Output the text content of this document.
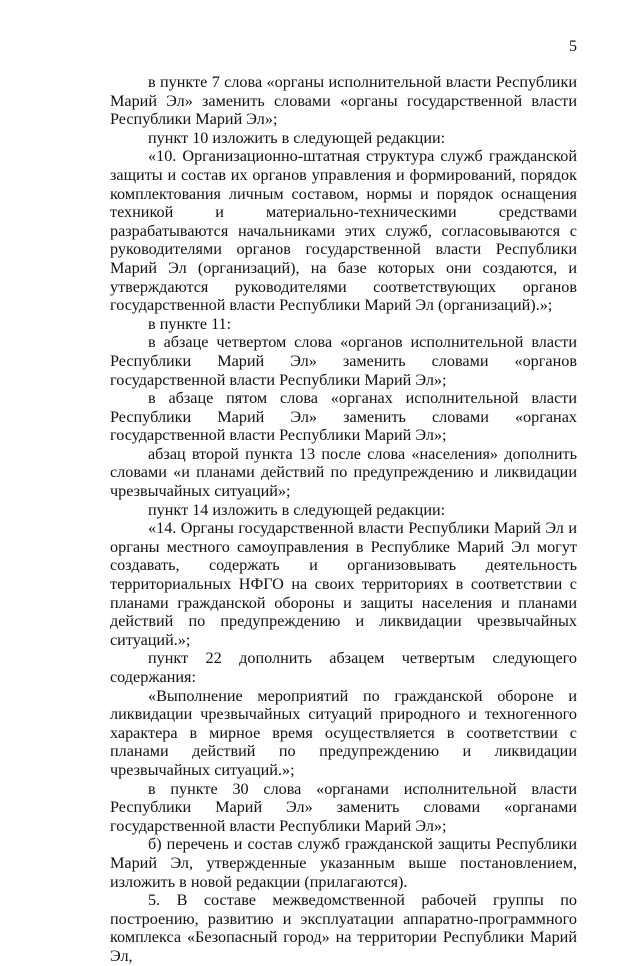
5

в пункте 7 слова «органы исполнительной власти Республики Марий Эл» заменить словами «органы государственной власти Республики Марий Эл»;

пункт 10 изложить в следующей редакции:

«10. Организационно-штатная структура служб гражданской защиты и состав их органов управления и формирований, порядок комплектования личным составом, нормы и порядок оснащения техникой и материально-техническими средствами разрабатываются начальниками этих служб, согласовываются с руководителями органов государственной власти Республики Марий Эл (организаций), на базе которых они создаются, и утверждаются руководителями соответствующих органов государственной власти Республики Марий Эл (организаций).»;

в пункте 11:

в абзаце четвертом слова «органов исполнительной власти Республики Марий Эл» заменить словами «органов государственной власти Республики Марий Эл»;

в абзаце пятом слова «органах исполнительной власти Республики Марий Эл» заменить словами «органах государственной власти Республики Марий Эл»;

абзац второй пункта 13 после слова «населения» дополнить словами «и планами действий по предупреждению и ликвидации чрезвычайных ситуаций»;

пункт 14 изложить в следующей редакции:

«14. Органы государственной власти Республики Марий Эл и органы местного самоуправления в Республике Марий Эл могут создавать, содержать и организовывать деятельность территориальных НФГО на своих территориях в соответствии с планами гражданской обороны и защиты населения и планами действий по предупреждению и ликвидации чрезвычайных ситуаций.»;

пункт 22 дополнить абзацем четвертым следующего содержания:

«Выполнение мероприятий по гражданской обороне и ликвидации чрезвычайных ситуаций природного и техногенного характера в мирное время осуществляется в соответствии с планами действий по предупреждению и ликвидации чрезвычайных ситуаций.»;

в пункте 30 слова «органами исполнительной власти Республики Марий Эл» заменить словами «органами государственной власти Республики Марий Эл»;

б) перечень и состав служб гражданской защиты Республики Марий Эл, утвержденные указанным выше постановлением, изложить в новой редакции (прилагаются).

5. В составе межведомственной рабочей группы по построению, развитию и эксплуатации аппаратно-программного комплекса «Безопасный город» на территории Республики Марий Эл,
